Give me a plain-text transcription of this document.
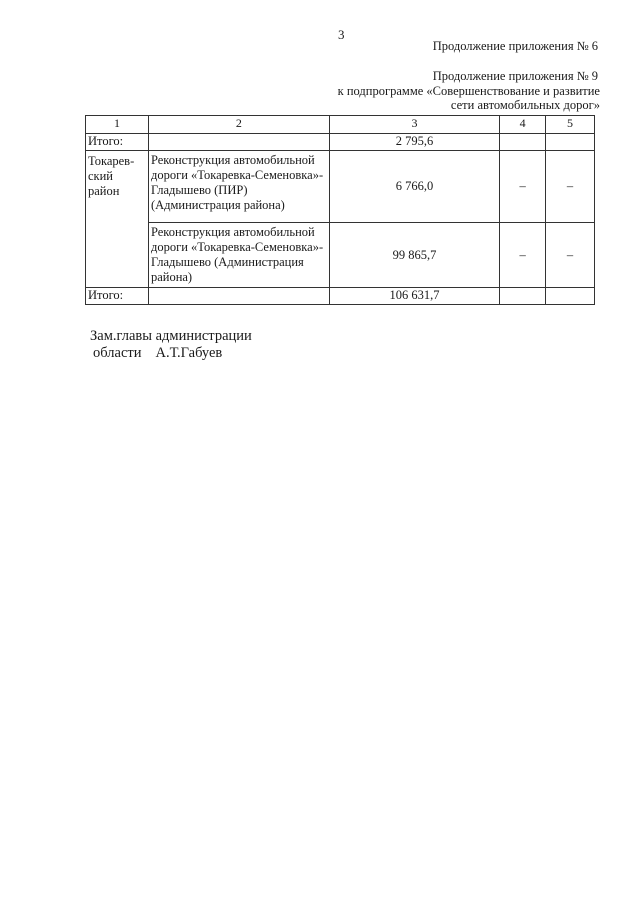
3
Продолжение приложения № 6
Продолжение приложения № 9
к подпрограмме «Совершенствование и развитие
сети автомобильных дорог»
1	2	3	4	5
Итого:		2 795,6		
Токарев-ский район	Реконструкция автомобильной дороги «Токаревка-Семеновка»- Гладышево (ПИР) (Администрация района)	6 766,0	–	–
	Реконструкция автомобильной дороги «Токаревка-Семеновка»- Гладышево (Администрация района)	99 865,7	–	–
Итого:		106 631,7		
Зам.главы администрации
области А.Т.Габуев
